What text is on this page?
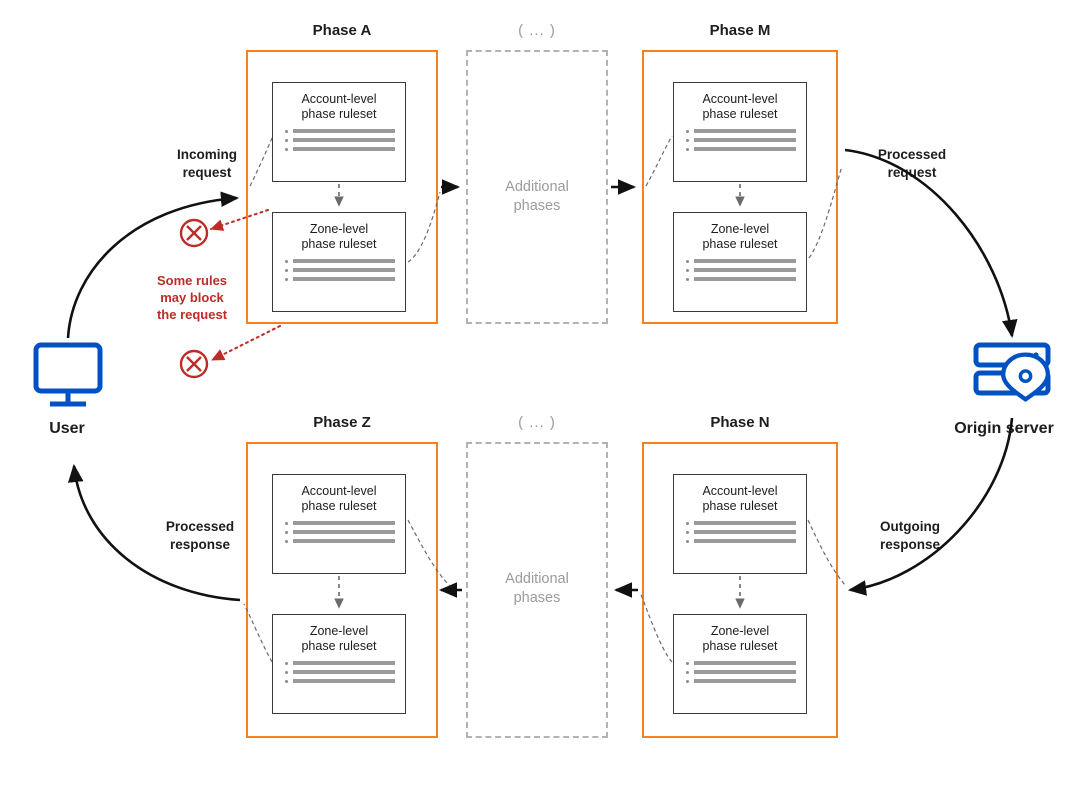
Phase A	( ... )	Phase M
Phase Z	( ... )	Phase N
Account-level
phase ruleset
Zone-level
phase ruleset
Account-level
phase ruleset
Zone-level
phase ruleset
Account-level
phase ruleset
Zone-level
phase ruleset
Account-level
phase ruleset
Zone-level
phase ruleset
Additional
phases
Additional
phases
Incoming
request
Processed
request
Outgoing
response
Processed
response
Some rules
may block
the request
User	Origin server
